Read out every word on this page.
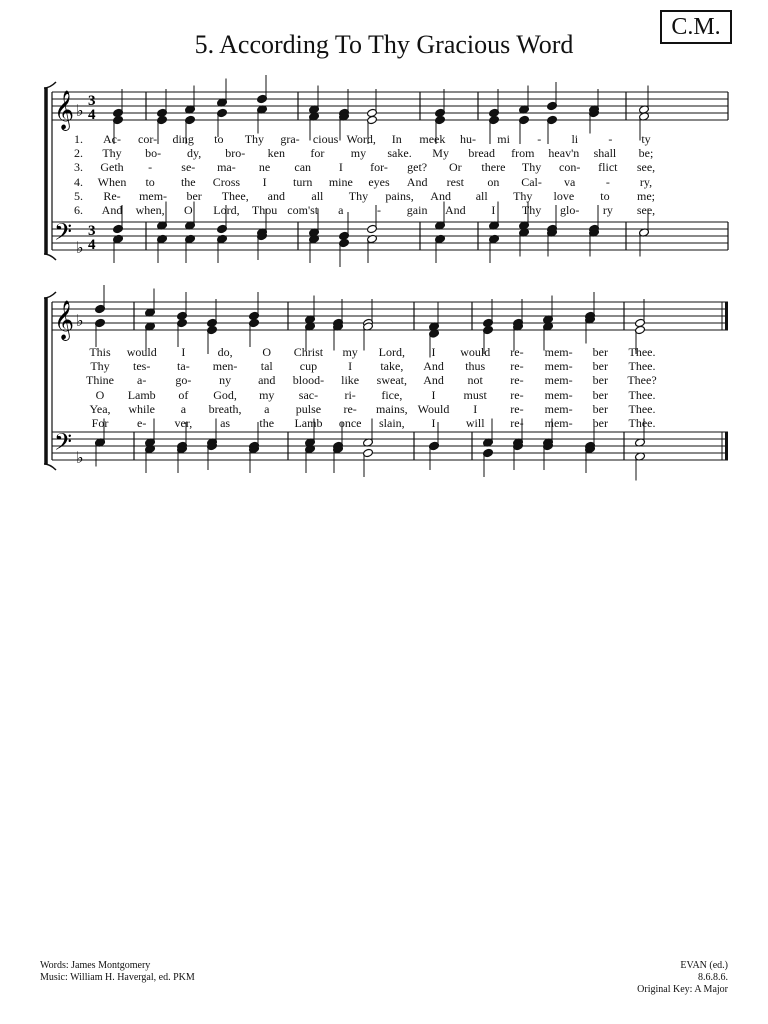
C.M.
5. According To Thy Gracious Word
𝄞
𝄢
♭
♭
3
4
3
4
1. Ac- cor- ding to Thy gra- cious Word, In meek hu- mi -	li	- ty
2. Thy bo- dy, bro- ken for my sake. My bread from heav'n shall be;
3. Geth - se- ma- ne can I for- get? Or there Thy con- flict see,
4. When to the Cross I turn mine eyes And rest on Cal- va	-	ry,
5. Re- mem- ber Thee, and all Thy pains, And all Thy love to me;
6. And when, O Lord, Thou com'st a	- gain And I Thy glo- ry see,
𝄞
𝄢
♭
♭
This would I	do, O Christ my Lord, I would re- mem- ber Thee.
Thy tes- ta- men- tal cup	I take, And thus re- mem- ber Thee.
Thine a- go- ny and blood- like sweat, And not re- mem- ber Thee?
O Lamb of God, my sac- ri- fice, I must re- mem- ber Thee.
Yea, while a breath, a pulse re- mains, Would I	re- mem- ber Thee.
For e- ver, as the Lamb once slain, I	will re- mem- ber Thee.
Words: James Montgomery
Music: William H. Havergal, ed. PKM
EVAN (ed.)
8.6.8.6.
Original Key: A Major
